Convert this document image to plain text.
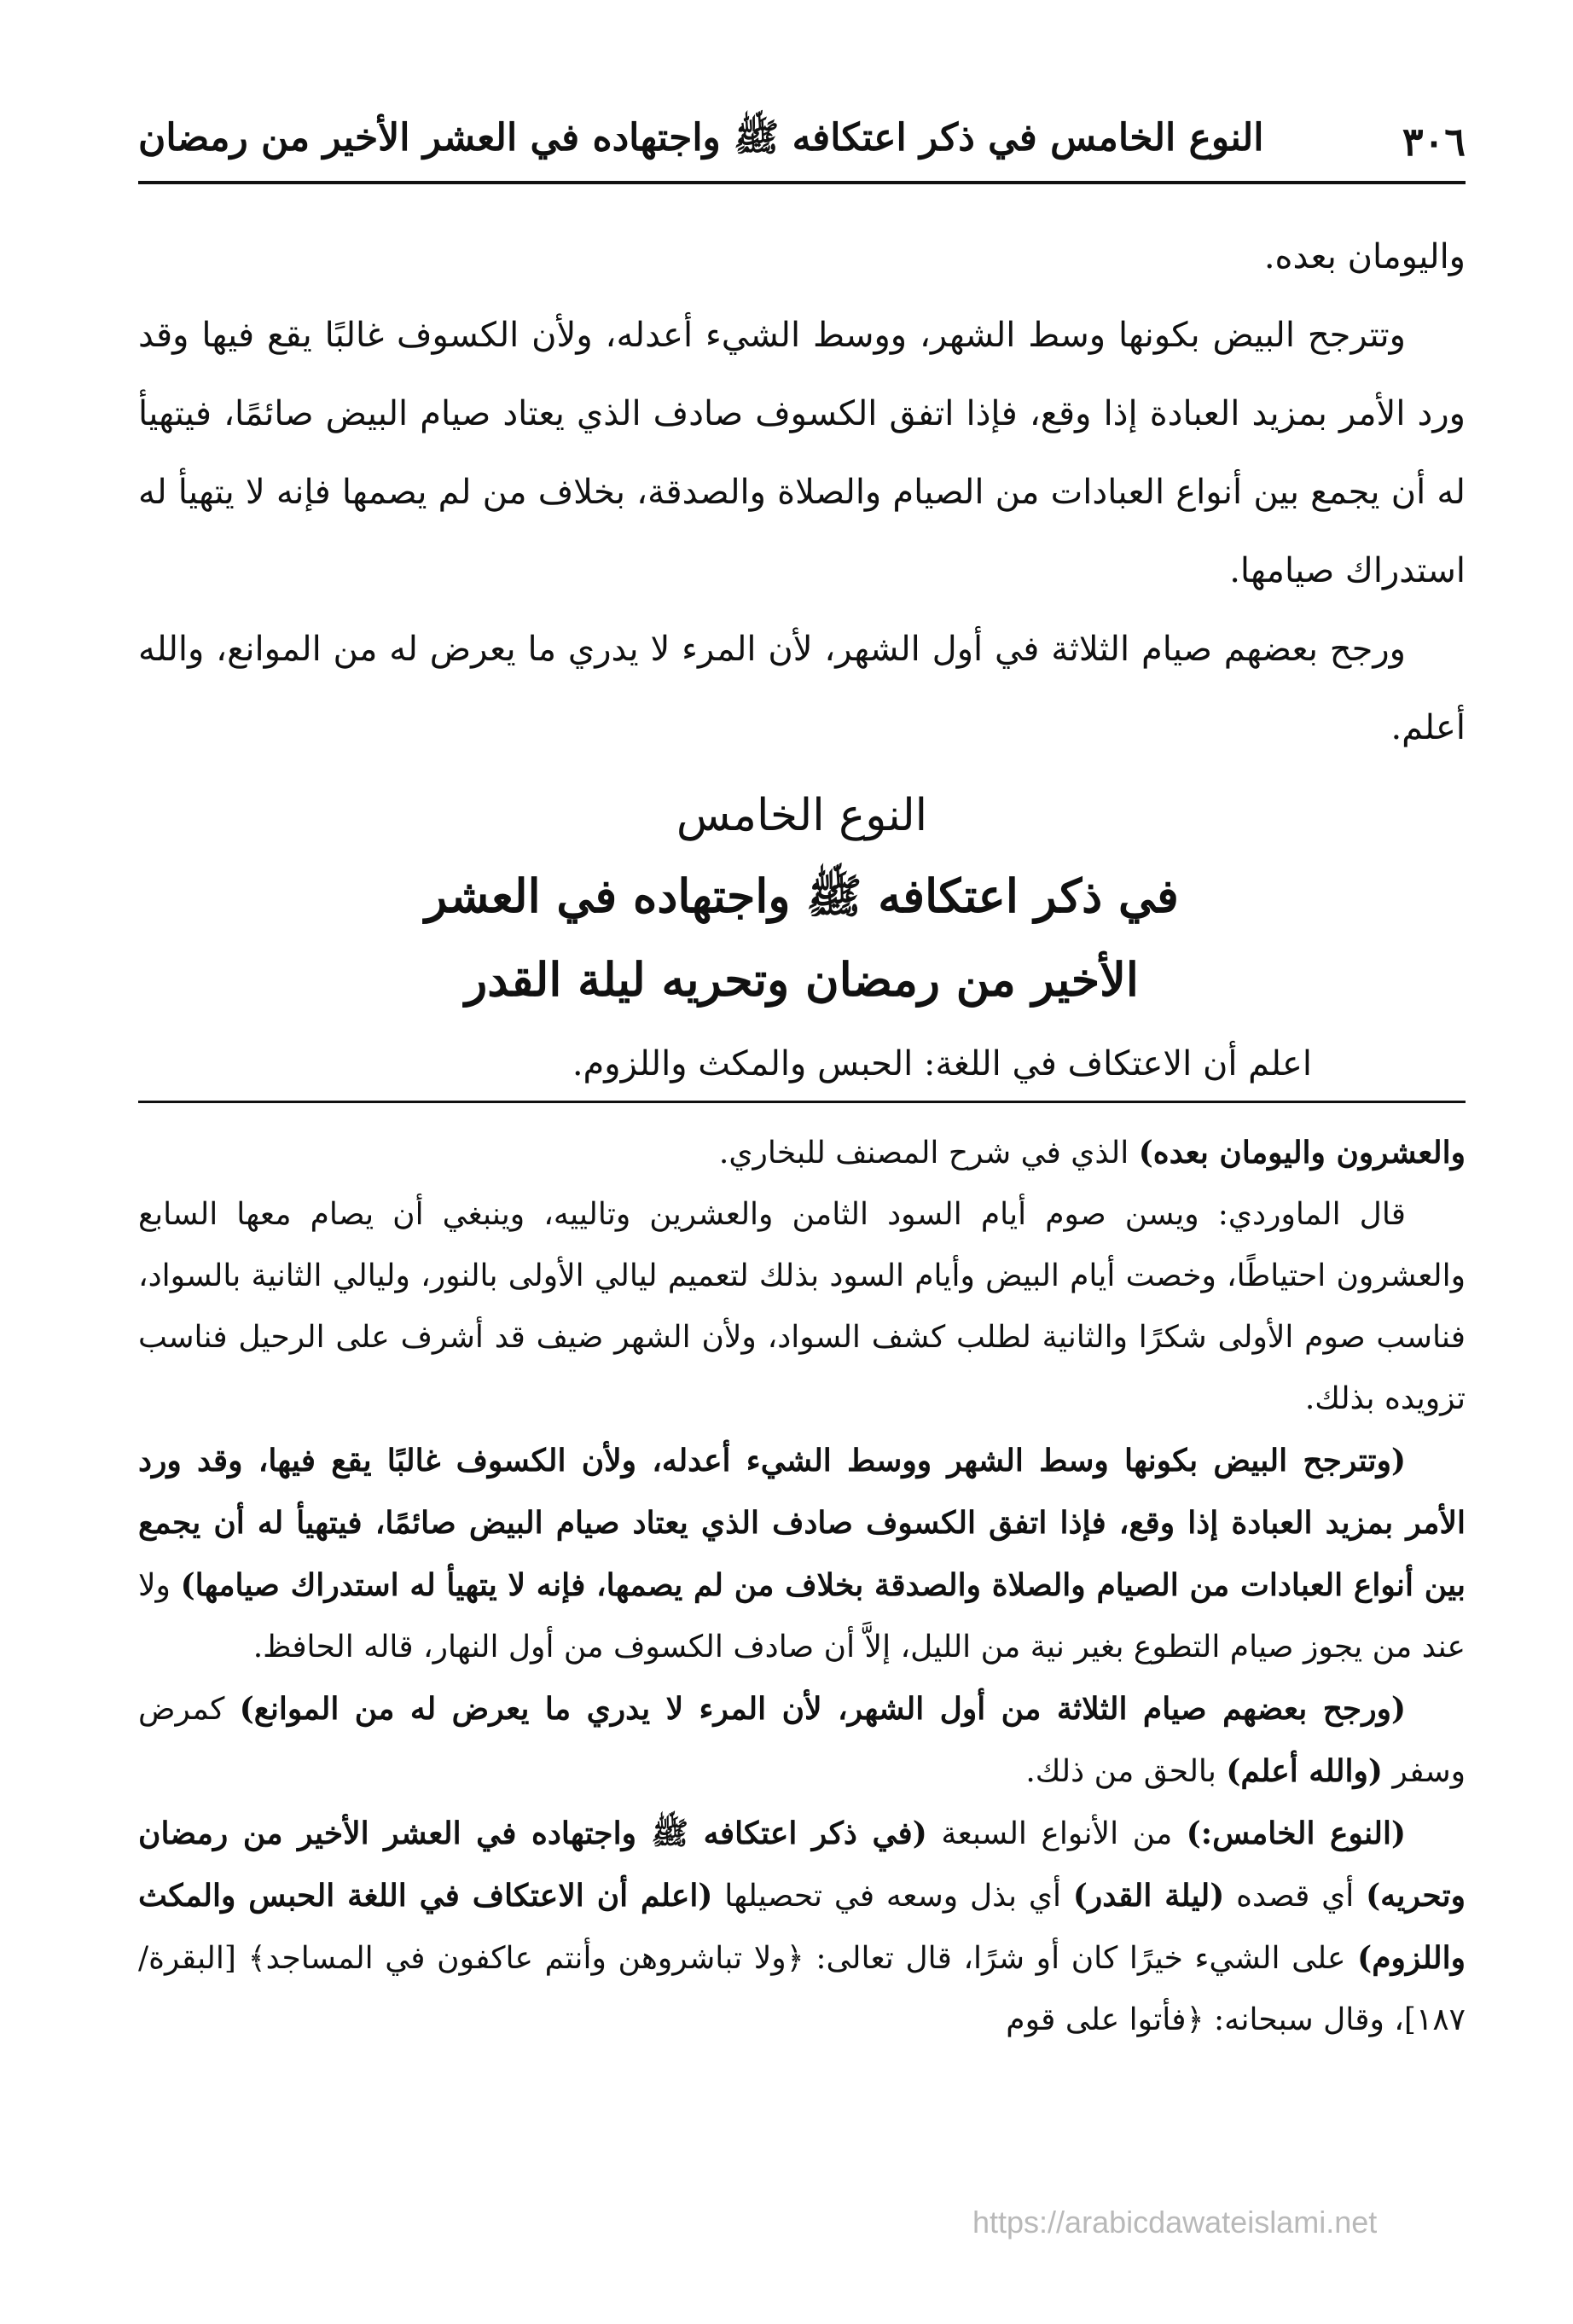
٣٠٦
النوع الخامس في ذكر اعتكافه ﷺ واجتهاده في العشر الأخير من رمضان

واليومان بعده.

وتترجح البيض بكونها وسط الشهر، ووسط الشيء أعدله، ولأن الكسوف غالبًا يقع فيها وقد ورد الأمر بمزيد العبادة إذا وقع، فإذا اتفق الكسوف صادف الذي يعتاد صيام البيض صائمًا، فيتهيأ له أن يجمع بين أنواع العبادات من الصيام والصلاة والصدقة، بخلاف من لم يصمها فإنه لا يتهيأ له استدراك صيامها.

ورجح بعضهم صيام الثلاثة في أول الشهر، لأن المرء لا يدري ما يعرض له من الموانع، والله أعلم.

النوع الخامس
في ذكر اعتكافه ﷺ واجتهاده في العشر
الأخير من رمضان وتحريه ليلة القدر

اعلم أن الاعتكاف في اللغة: الحبس والمكث واللزوم.

والعشرون واليومان بعده) الذي في شرح المصنف للبخاري.

قال الماوردي: ويسن صوم أيام السود الثامن والعشرين وتالييه، وينبغي أن يصام معها السابع والعشرون احتياطًا، وخصت أيام البيض وأيام السود بذلك لتعميم ليالي الأولى بالنور، وليالي الثانية بالسواد، فناسب صوم الأولى شكرًا والثانية لطلب كشف السواد، ولأن الشهر ضيف قد أشرف على الرحيل فناسب تزويده بذلك.

(وتترجح البيض بكونها وسط الشهر ووسط الشيء أعدله، ولأن الكسوف غالبًا يقع فيها، وقد ورد الأمر بمزيد العبادة إذا وقع، فإذا اتفق الكسوف صادف الذي يعتاد صيام البيض صائمًا، فيتهيأ له أن يجمع بين أنواع العبادات من الصيام والصلاة والصدقة بخلاف من لم يصمها، فإنه لا يتهيأ له استدراك صيامها) ولا عند من يجوز صيام التطوع بغير نية من الليل، إلاَّ أن صادف الكسوف من أول النهار، قاله الحافظ.

(ورجح بعضهم صيام الثلاثة من أول الشهر، لأن المرء لا يدري ما يعرض له من الموانع) كمرض وسفر (والله أعلم) بالحق من ذلك.

(النوع الخامس:) من الأنواع السبعة (في ذكر اعتكافه ﷺ واجتهاده في العشر الأخير من رمضان وتحريه) أي قصده (ليلة القدر) أي بذل وسعه في تحصيلها (اعلم أن الاعتكاف في اللغة الحبس والمكث واللزوم) على الشيء خيرًا كان أو شرًا، قال تعالى: ﴿ولا تباشروهن وأنتم عاكفون في المساجد﴾ [البقرة/١٨٧]، وقال سبحانه: ﴿فأتوا على قوم

https://arabicdawateislami.net
